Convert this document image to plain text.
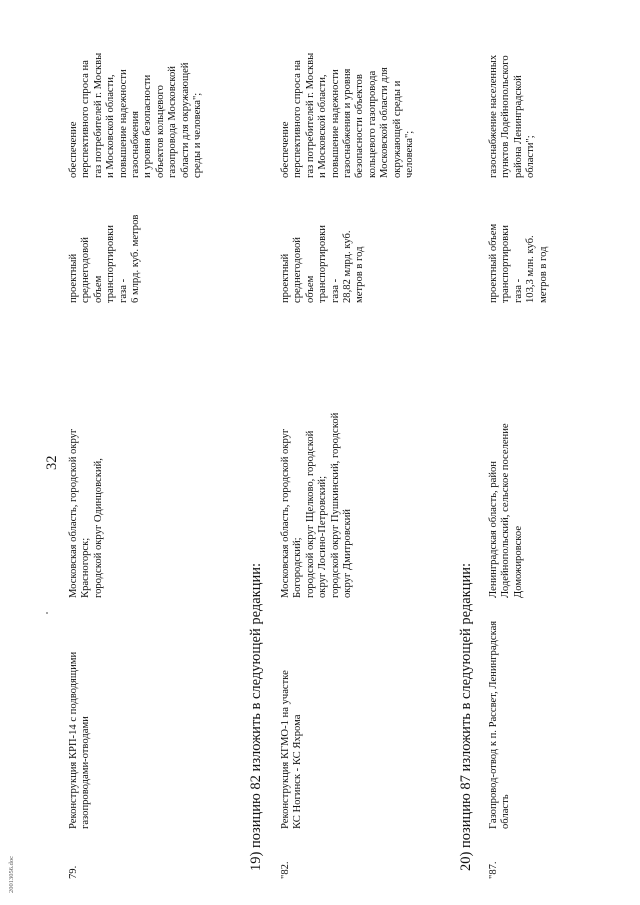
32
79.
Реконструкция КРП-14 с подводящими
газопроводами-отводами
Московская область, городской округ
Красногорск;
городской округ Одинцовский,
проектный
среднегодовой
объем
транспортировки
газа -
6 млрд. куб. метров
обеспечение
перспективного спроса на
газ потребителей г. Москвы
и Московской области,
повышение надежности
газоснабжения
и уровня безопасности
объектов кольцевого
газопровода Московской
области для окружающей
среды и человека";
19) позицию 82 изложить в следующей редакции: "82.
Реконструкция КГМО-1 на участке
КС Ногинск - КС Яхрома
Московская область, городской округ
Богородский;
городской округ Щелково, городской
округ Лосино-Петровский;
городской округ Пушкинский, городской
округ Дмитровский
проектный
среднегодовой
объем
транспортировки
газа -
28,82 млрд. куб.
метров в год
обеспечение
перспективного спроса на
газ потребителей г. Москвы
и Московской области,
повышение надежности
газоснабжения и уровня
безопасности объектов
кольцевого газопровода
Московской области для
окружающей среды и
человека";
20) позицию 87 изложить в следующей редакции: "87.
Газопровод-отвод к п. Рассвет, Ленинградская
область
Ленинградская область, район
Лодейнопольский, сельское поселение
Доможировское
проектный объем
транспортировки
газа -
103,3 млн. куб.
метров в год
газоснабжение населенных
пунктов Лодейнопольского
района Ленинградской
области";
20013056.doc
